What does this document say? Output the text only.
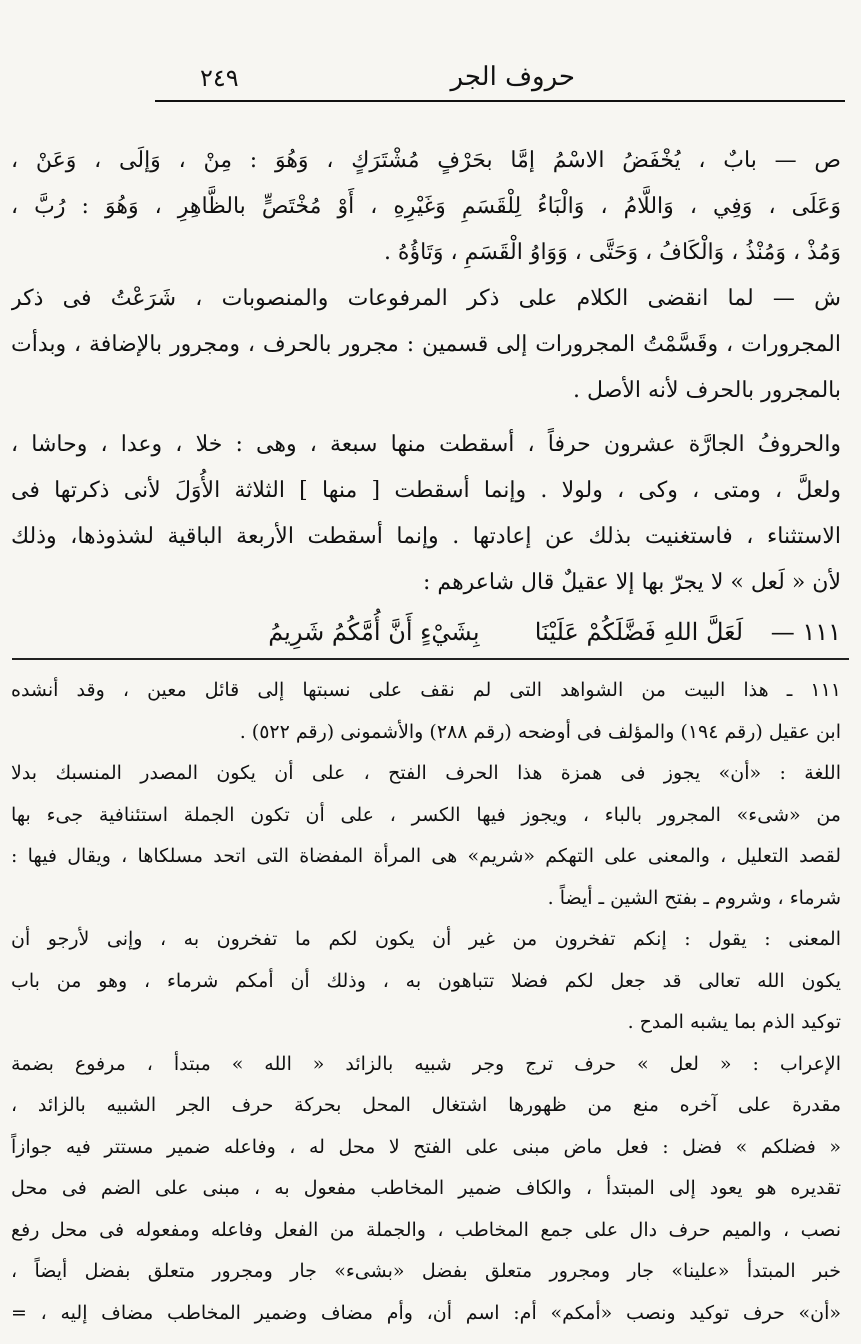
حروف الجر
٢٤٩
ص — بابٌ ، يُخْفَضُ الاسْمُ إمَّا بحَرْفٍ مُشْتَرَكٍ ، وَهُوَ : مِنْ ، وَإلَى ، وَعَنْ ،
وَعَلَى ، وَفِي ، وَاللَّامُ ، وَالْبَاءُ لِلْقَسَمِ وَغَيْرِهِ ، أَوْ مُخْتَصٍّ بالظَّاهِرِ ، وَهُوَ : رُبَّ ،
وَمُذْ ، وَمُنْذُ ، وَالْكَافُ ، وَحَتَّى ، وَوَاوُ الْقَسَمِ ، وَتَاؤُهُ .
ش — لما انقضى الكلام على ذكر المرفوعات والمنصوبات ، شَرَعْتُ فى ذكر
المجرورات ، وقَسَّمْتُ المجرورات إلى قسمين : مجرور بالحرف ، ومجرور بالإضافة ، وبدأت
بالمجرور بالحرف لأنه الأصل .
والحروفُ الجارَّة عشرون حرفاً ، أسقطت منها سبعة ، وهى : خلا ، وعدا ، وحاشا ،
ولعلَّ ، ومتى ، وكى ، ولولا . وإنما أسقطت [ منها ] الثلاثة الأُوَلَ لأنى ذكرتها فى
الاستثناء ، فاستغنيت بذلك عن إعادتها . وإنما أسقطت الأربعة الباقية لشذوذها، وذلك
لأن « لَعل » لا يجرّ بها إلا عقيلٌ قال شاعرهم :
١١١ — لَعَلَّ اللهِ فَضَّلَكُمْ عَلَيْنَا  بِشَيْءٍ أَنَّ أُمَّكُمُ شَرِيمُ
١١١ ـ هذا البيت من الشواهد التى لم نقف على نسبتها إلى قائل معين ، وقد أنشده
ابن عقيل (رقم ١٩٤) والمؤلف فى أوضحه (رقم ٢٨٨) والأشمونى (رقم ٥٢٢) .
اللغة : «أن» يجوز فى همزة هذا الحرف الفتح ، على أن يكون المصدر المنسبك بدلا
من «شىء» المجرور بالباء ، ويجوز فيها الكسر ، على أن تكون الجملة استئنافية جىء بها
لقصد التعليل ، والمعنى على التهكم «شريم» هى المرأة المفضاة التى اتحد مسلكاها ، ويقال فيها :
شرماء ، وشروم ـ بفتح الشين ـ أيضاً .
المعنى : يقول : إنكم تفخرون من غير أن يكون لكم ما تفخرون به ، وإنى لأرجو أن
يكون الله تعالى قد جعل لكم فضلا تتباهون به ، وذلك أن أمكم شرماء ، وهو من باب
توكيد الذم بما يشبه المدح .
الإعراب : « لعل » حرف ترج وجر شبيه بالزائد « الله » مبتدأ ، مرفوع بضمة
مقدرة على آخره منع من ظهورها اشتغال المحل بحركة حرف الجر الشبيه بالزائد ،
« فضلكم » فضل : فعل ماض مبنى على الفتح لا محل له ، وفاعله ضمير مستتر فيه جوازاً
تقديره هو يعود إلى المبتدأ ، والكاف ضمير المخاطب مفعول به ، مبنى على الضم فى محل
نصب ، والميم حرف دال على جمع المخاطب ، والجملة من الفعل وفاعله ومفعوله فى محل رفع
خبر المبتدأ «علينا» جار ومجرور متعلق بفضل «بشىء» جار ومجرور متعلق بفضل أيضاً ،
«أن» حرف توكيد ونصب «أمكم» أم: اسم أن، وأم مضاف وضمير المخاطب مضاف إليه ، =
